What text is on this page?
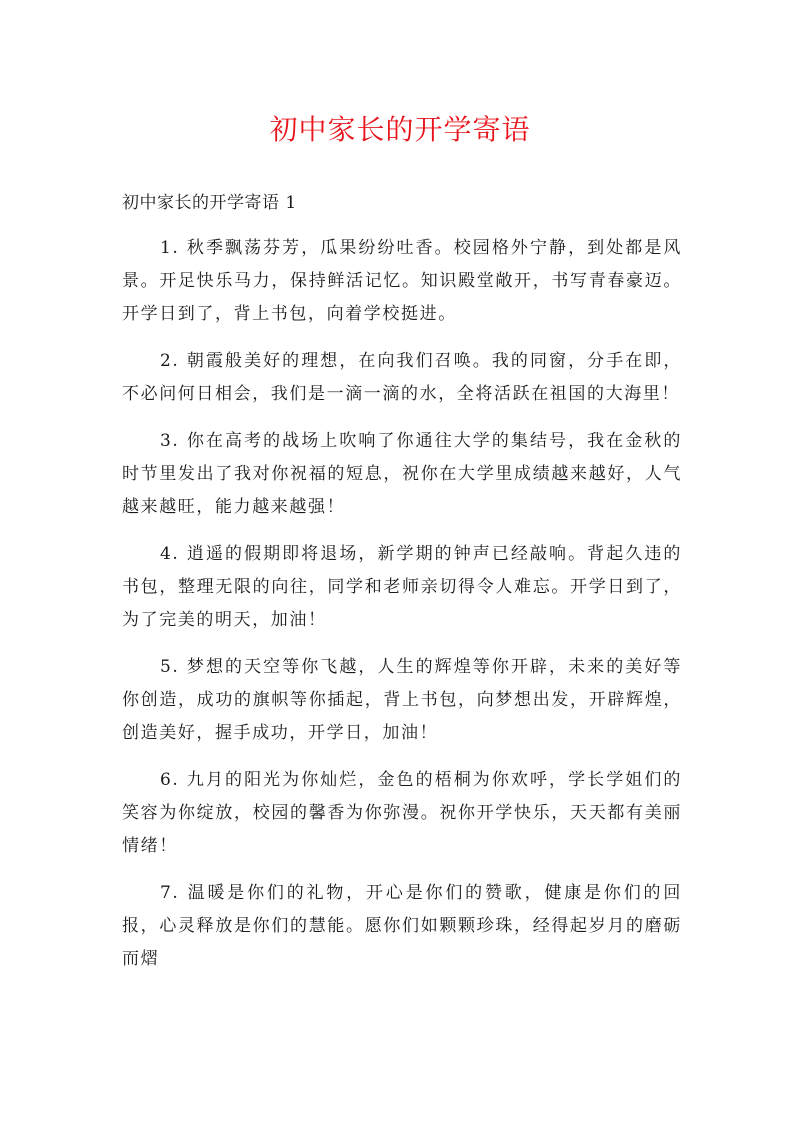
初中家长的开学寄语
初中家长的开学寄语 1

1. 秋季飘荡芬芳，瓜果纷纷吐香。校园格外宁静，到处都是风景。开足快乐马力，保持鲜活记忆。知识殿堂敞开，书写青春豪迈。开学日到了，背上书包，向着学校挺进。

2. 朝霞般美好的理想，在向我们召唤。我的同窗，分手在即，不必问何日相会，我们是一滴一滴的水，全将活跃在祖国的大海里！

3. 你在高考的战场上吹响了你通往大学的集结号，我在金秋的时节里发出了我对你祝福的短息，祝你在大学里成绩越来越好，人气越来越旺，能力越来越强！

4. 逍遥的假期即将退场，新学期的钟声已经敲响。背起久违的书包，整理无限的向往，同学和老师亲切得令人难忘。开学日到了，为了完美的明天，加油！

5. 梦想的天空等你飞越，人生的辉煌等你开辟，未来的美好等你创造，成功的旗帜等你插起，背上书包，向梦想出发，开辟辉煌，创造美好，握手成功，开学日，加油！

6. 九月的阳光为你灿烂，金色的梧桐为你欢呼，学长学姐们的笑容为你绽放，校园的馨香为你弥漫。祝你开学快乐，天天都有美丽情绪！

7. 温暖是你们的礼物，开心是你们的赞歌，健康是你们的回报，心灵释放是你们的慧能。愿你们如颗颗珍珠，经得起岁月的磨砺而熠
